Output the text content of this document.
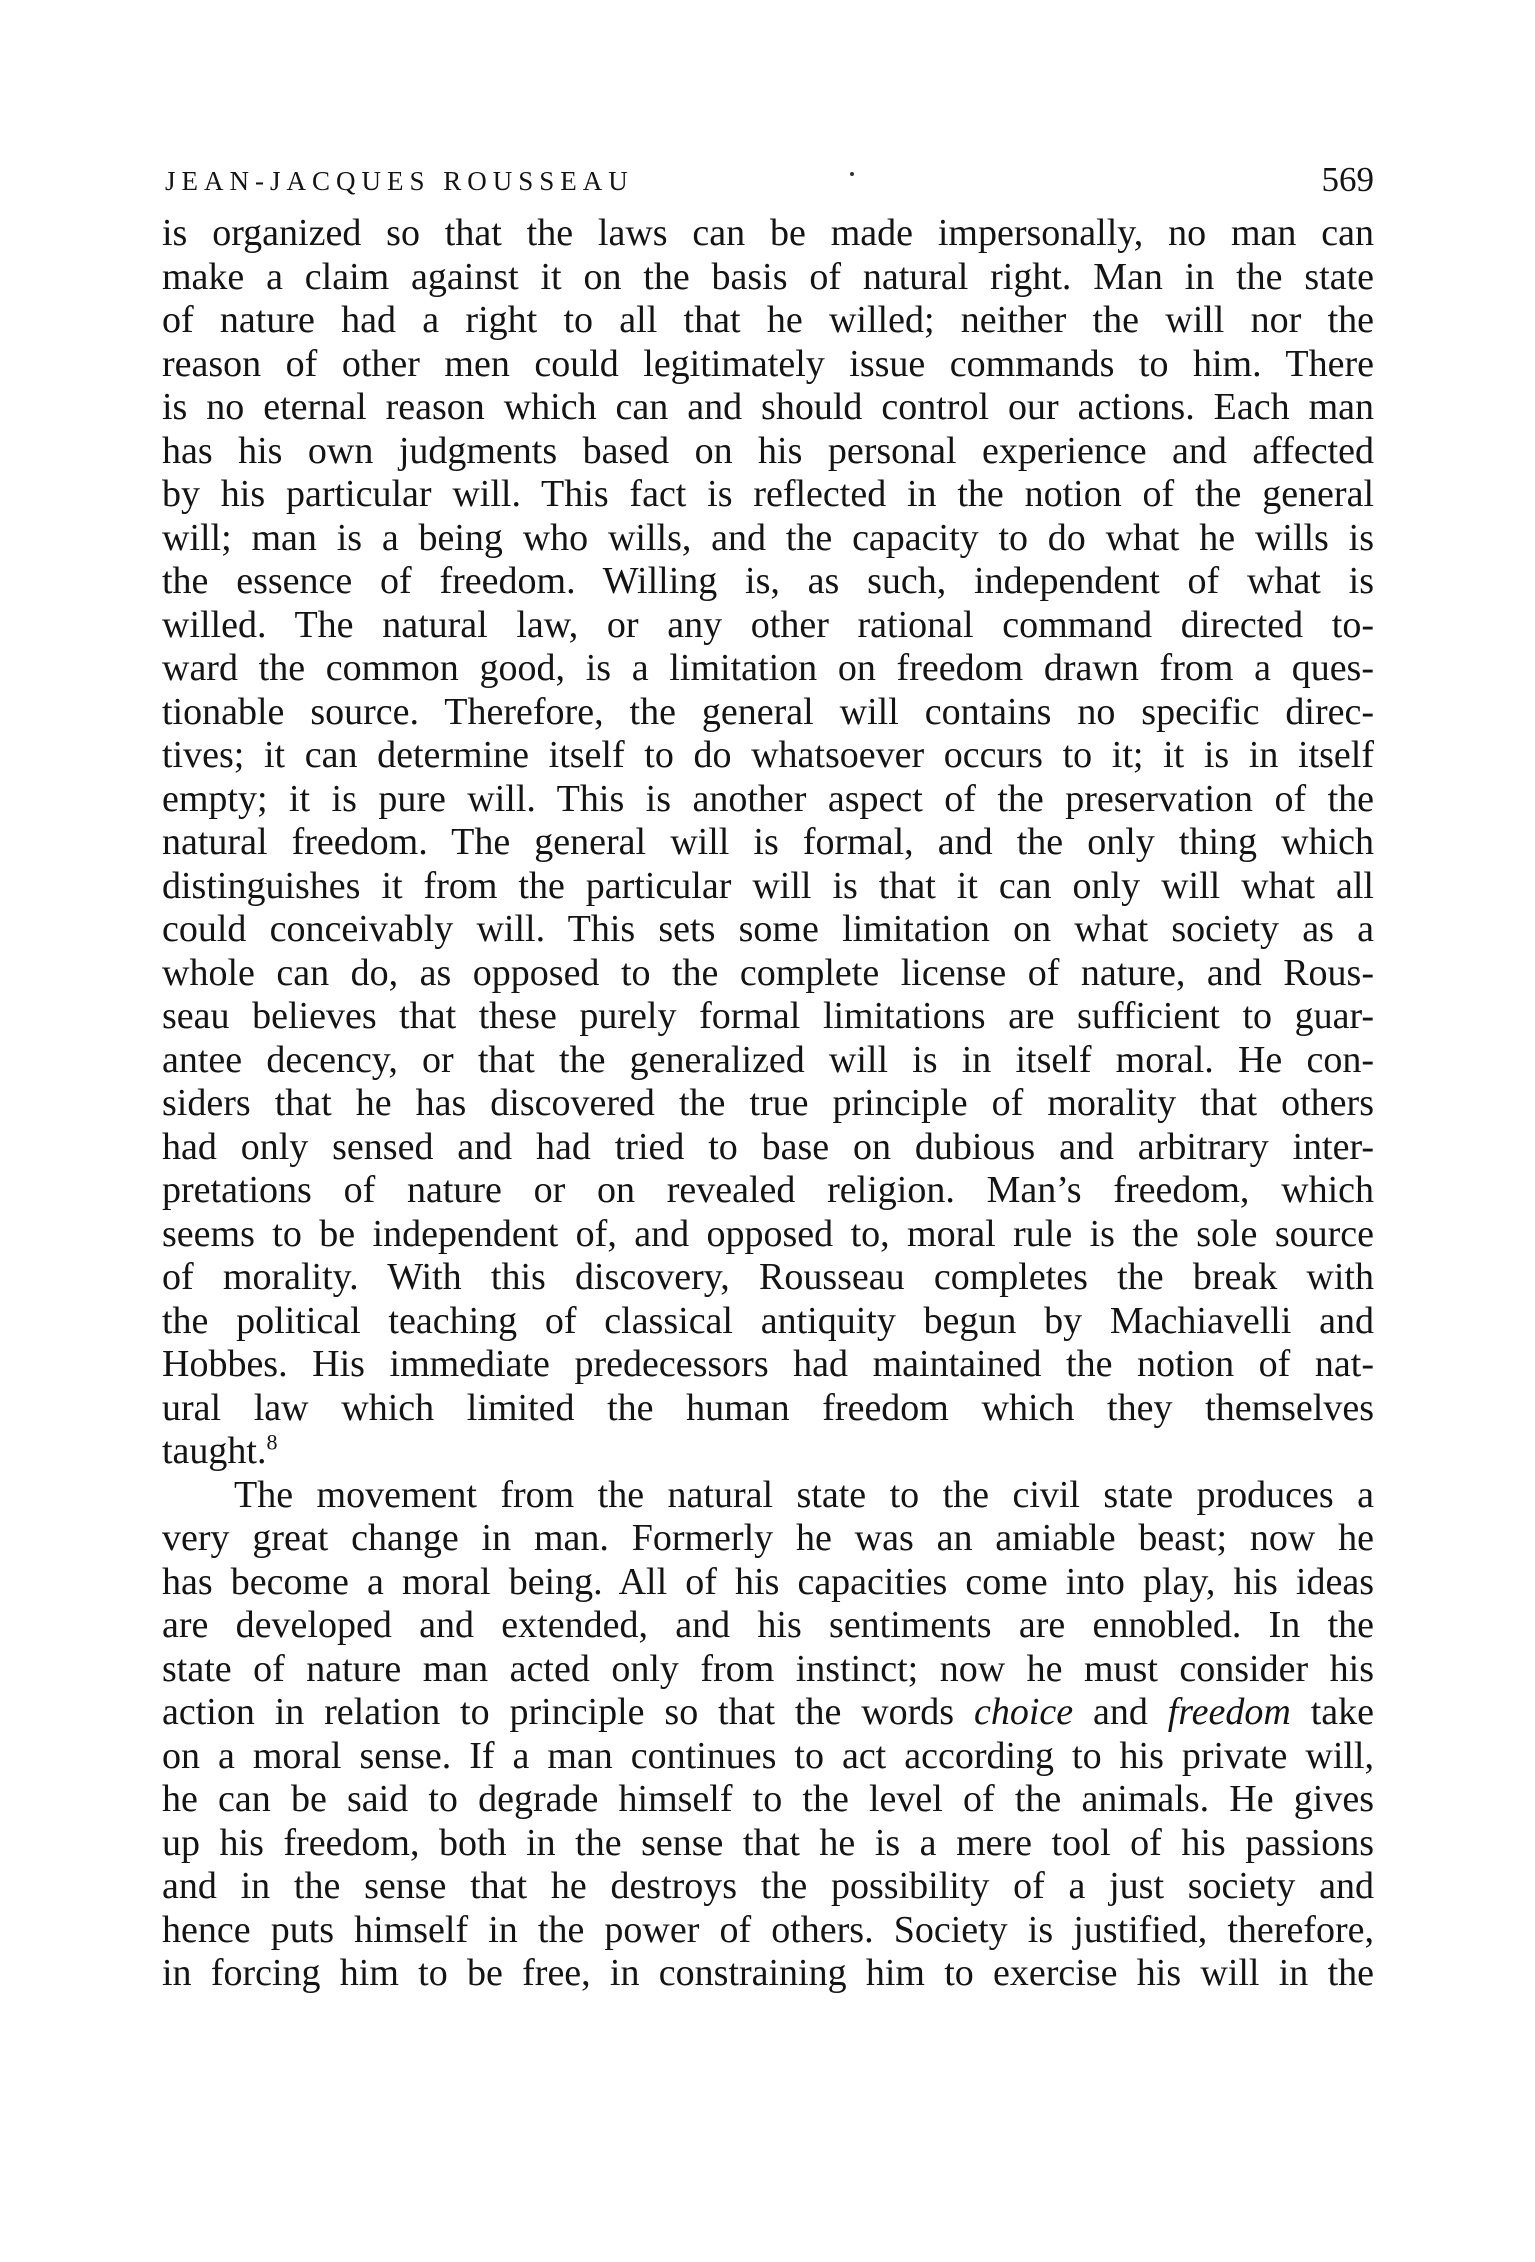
JEAN-JACQUES ROUSSEAU	569

is organized so that the laws can be made impersonally, no man can
make a claim against it on the basis of natural right. Man in the state
of nature had a right to all that he willed; neither the will nor the
reason of other men could legitimately issue commands to him. There
is no eternal reason which can and should control our actions. Each man
has his own judgments based on his personal experience and affected
by his particular will. This fact is reflected in the notion of the general
will; man is a being who wills, and the capacity to do what he wills is
the essence of freedom. Willing is, as such, independent of what is
willed. The natural law, or any other rational command directed to-
ward the common good, is a limitation on freedom drawn from a ques-
tionable source. Therefore, the general will contains no specific direc-
tives; it can determine itself to do whatsoever occurs to it; it is in itself
empty; it is pure will. This is another aspect of the preservation of the
natural freedom. The general will is formal, and the only thing which
distinguishes it from the particular will is that it can only will what all
could conceivably will. This sets some limitation on what society as a
whole can do, as opposed to the complete license of nature, and Rous-
seau believes that these purely formal limitations are sufficient to guar-
antee decency, or that the generalized will is in itself moral. He con-
siders that he has discovered the true principle of morality that others
had only sensed and had tried to base on dubious and arbitrary inter-
pretations of nature or on revealed religion. Man’s freedom, which
seems to be independent of, and opposed to, moral rule is the sole source
of morality. With this discovery, Rousseau completes the break with
the political teaching of classical antiquity begun by Machiavelli and
Hobbes. His immediate predecessors had maintained the notion of nat-
ural law which limited the human freedom which they themselves
taught.$^8$

The movement from the natural state to the civil state produces a
very great change in man. Formerly he was an amiable beast; now he
has become a moral being. All of his capacities come into play, his ideas
are developed and extended, and his sentiments are ennobled. In the
state of nature man acted only from instinct; now he must consider his
action in relation to principle so that the words choice and freedom take
on a moral sense. If a man continues to act according to his private will,
he can be said to degrade himself to the level of the animals. He gives
up his freedom, both in the sense that he is a mere tool of his passions
and in the sense that he destroys the possibility of a just society and
hence puts himself in the power of others. Society is justified, therefore,
in forcing him to be free, in constraining him to exercise his will in the
